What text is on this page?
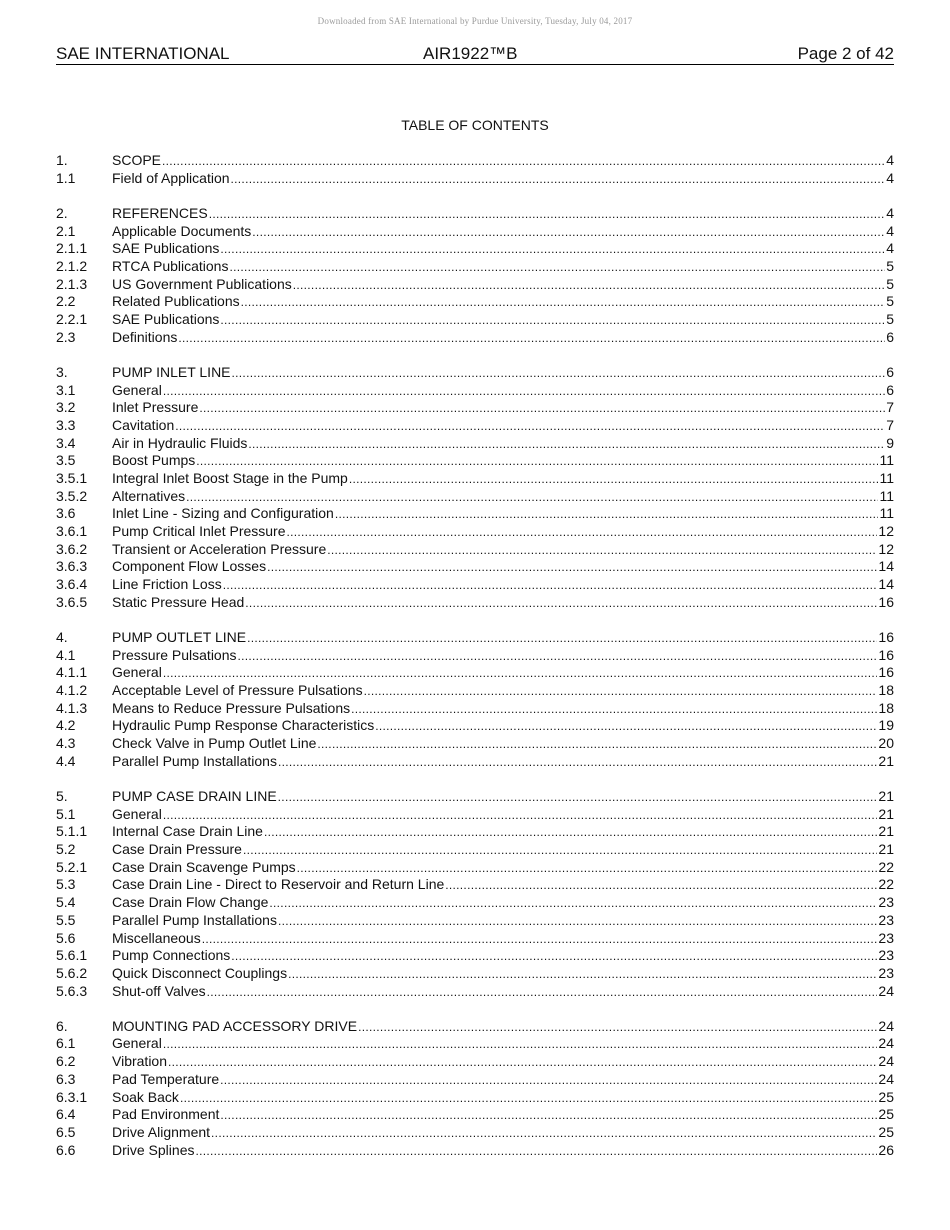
Downloaded from SAE International by Purdue University, Tuesday, July 04, 2017
SAE INTERNATIONAL	AIR1922™B	Page 2 of 42
TABLE OF CONTENTS
1.	SCOPE .....	4
1.1	Field of Application .....	4
2.	REFERENCES .....	4
2.1	Applicable Documents .....	4
2.1.1	SAE Publications .....	4
2.1.2	RTCA Publications .....	5
2.1.3	US Government Publications .....	5
2.2	Related Publications .....	5
2.2.1	SAE Publications .....	5
2.3	Definitions .....	6
3.	PUMP INLET LINE .....	6
3.1	General .....	6
3.2	Inlet Pressure .....	7
3.3	Cavitation .....	7
3.4	Air in Hydraulic Fluids .....	9
3.5	Boost Pumps .....	11
3.5.1	Integral Inlet Boost Stage in the Pump .....	11
3.5.2	Alternatives .....	11
3.6	Inlet Line - Sizing and Configuration .....	11
3.6.1	Pump Critical Inlet Pressure .....	12
3.6.2	Transient or Acceleration Pressure .....	12
3.6.3	Component Flow Losses .....	14
3.6.4	Line Friction Loss .....	14
3.6.5	Static Pressure Head .....	16
4.	PUMP OUTLET LINE .....	16
4.1	Pressure Pulsations .....	16
4.1.1	General .....	16
4.1.2	Acceptable Level of Pressure Pulsations .....	18
4.1.3	Means to Reduce Pressure Pulsations .....	18
4.2	Hydraulic Pump Response Characteristics .....	19
4.3	Check Valve in Pump Outlet Line .....	20
4.4	Parallel Pump Installations .....	21
5.	PUMP CASE DRAIN LINE .....	21
5.1	General .....	21
5.1.1	Internal Case Drain Line .....	21
5.2	Case Drain Pressure .....	21
5.2.1	Case Drain Scavenge Pumps .....	22
5.3	Case Drain Line - Direct to Reservoir and Return Line .....	22
5.4	Case Drain Flow Change .....	23
5.5	Parallel Pump Installations .....	23
5.6	Miscellaneous .....	23
5.6.1	Pump Connections .....	23
5.6.2	Quick Disconnect Couplings .....	23
5.6.3	Shut-off Valves .....	24
6.	MOUNTING PAD ACCESSORY DRIVE .....	24
6.1	General .....	24
6.2	Vibration .....	24
6.3	Pad Temperature .....	24
6.3.1	Soak Back .....	25
6.4	Pad Environment .....	25
6.5	Drive Alignment .....	25
6.6	Drive Splines .....	26
